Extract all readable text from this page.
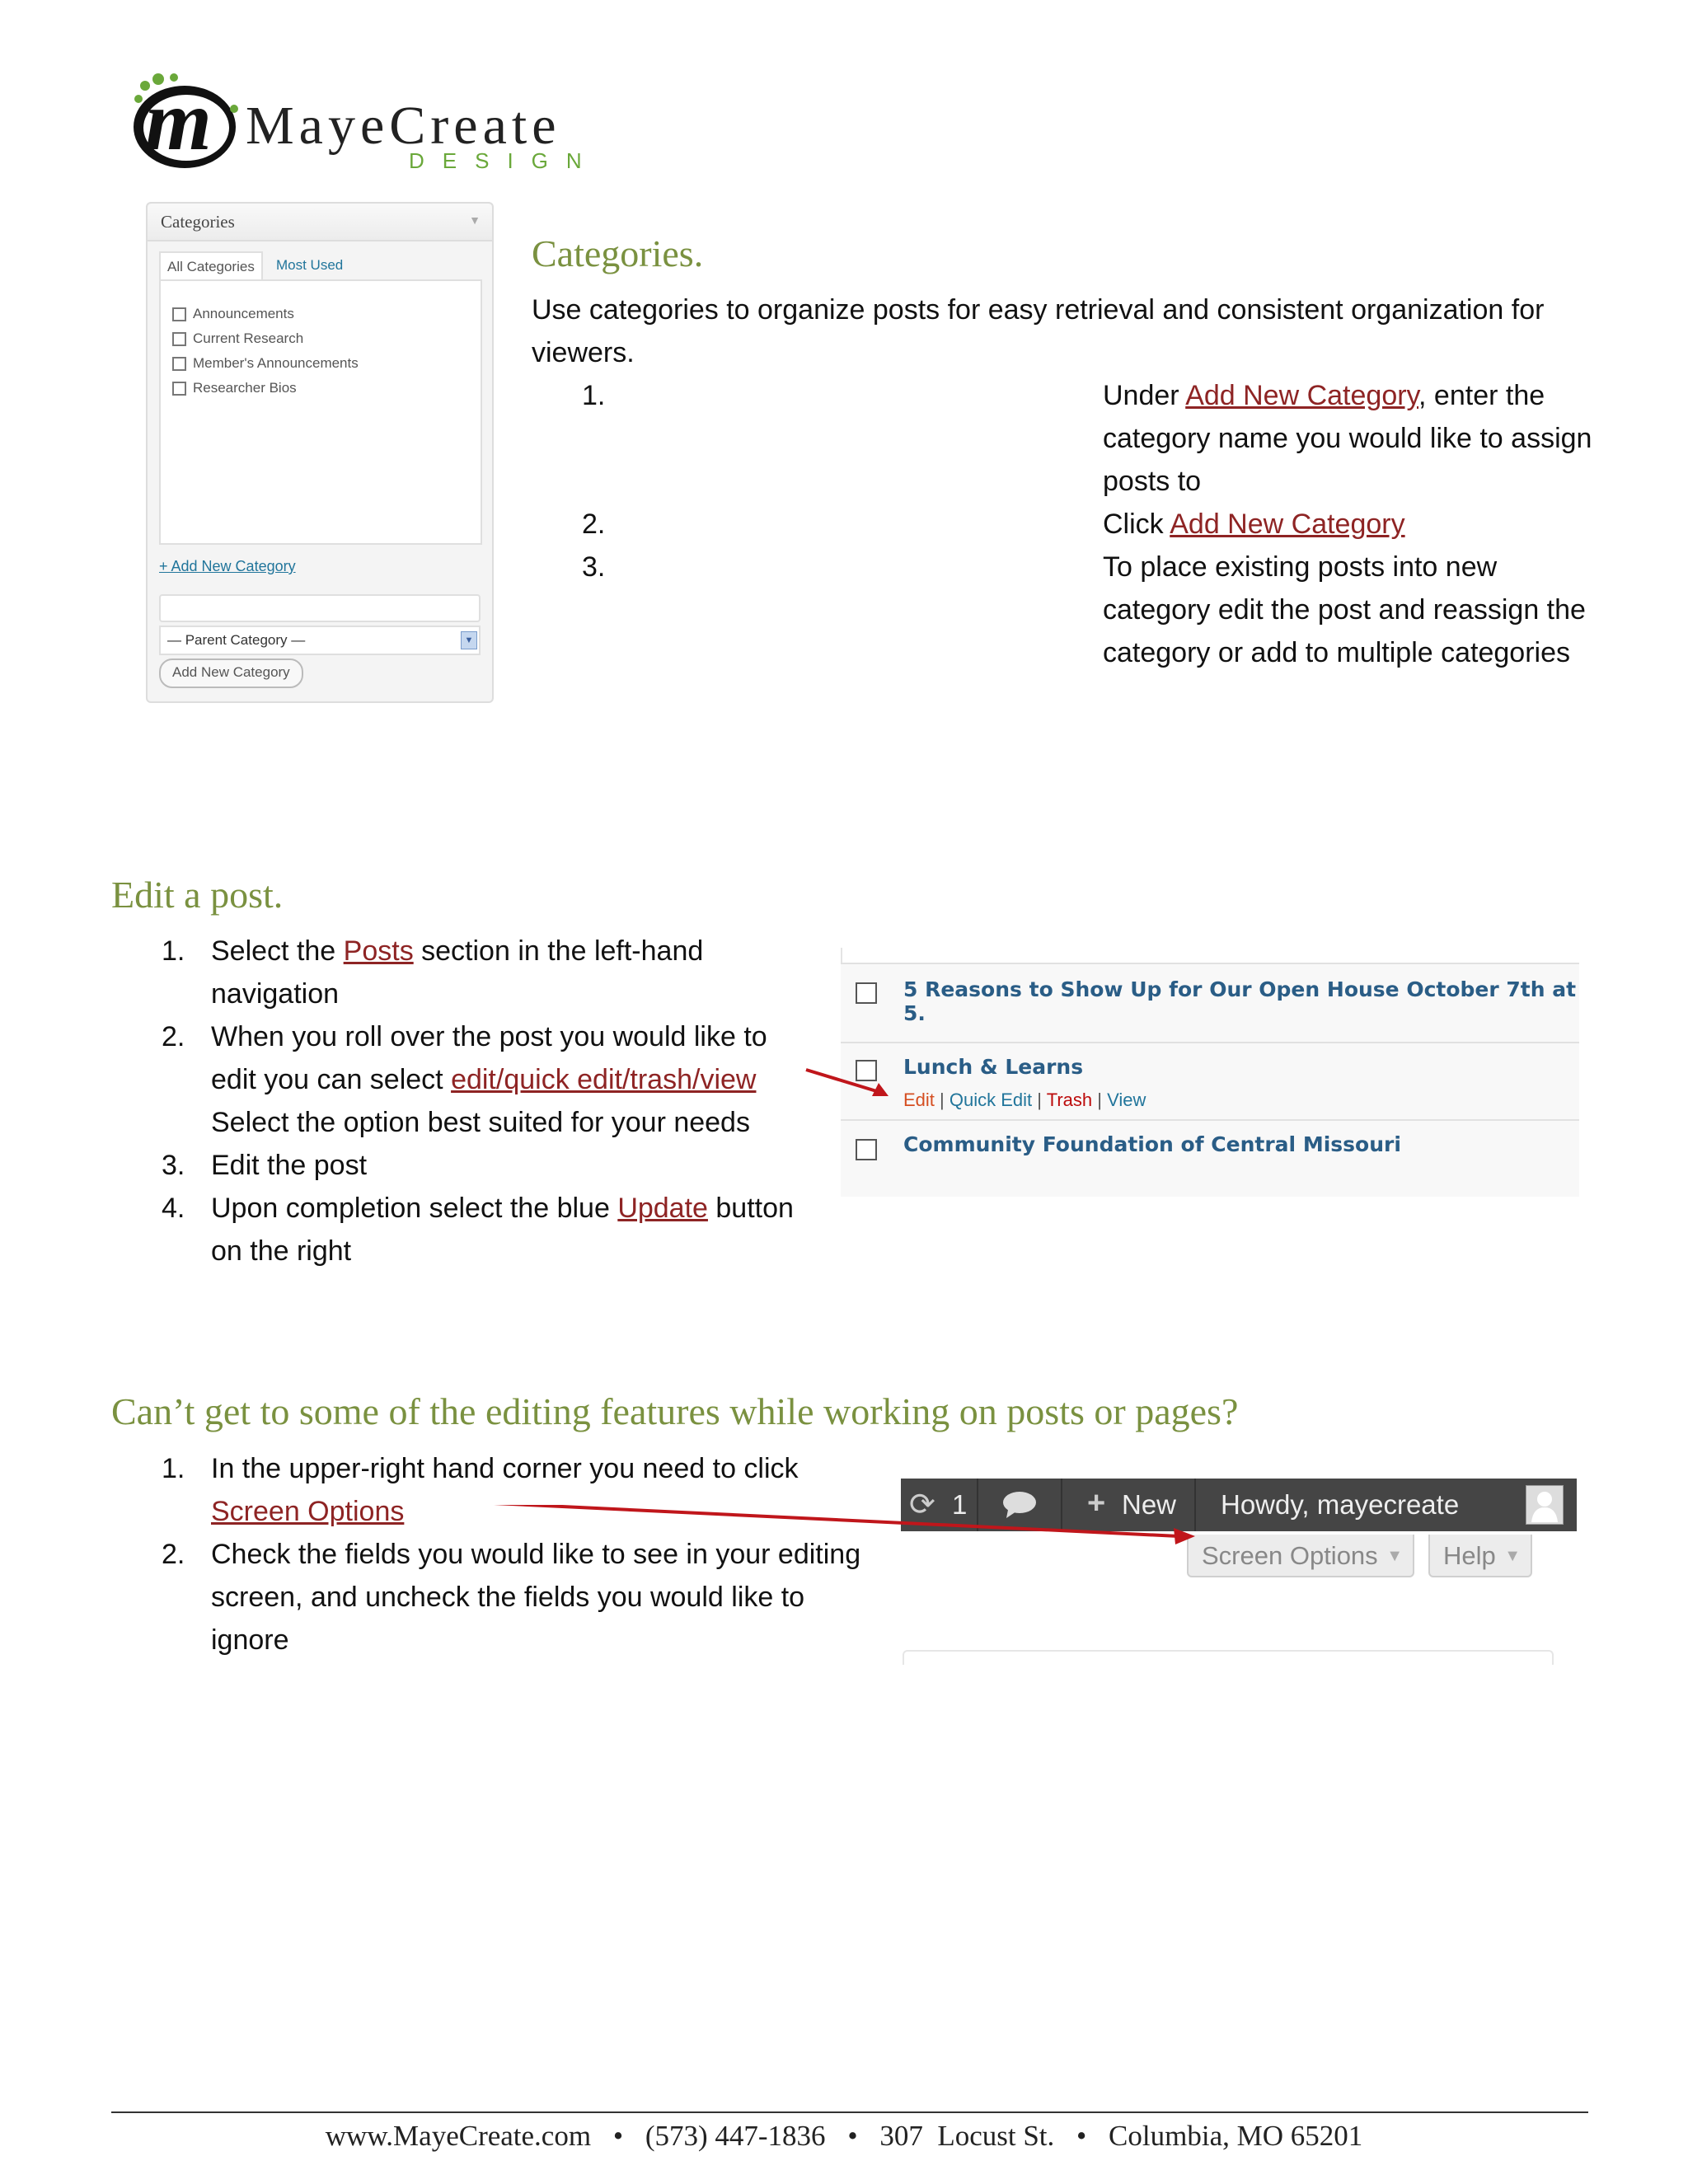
m MayeCreate
DESIGN
Categories	▼
All Categories	Most Used
Announcements
Current Research
Member's Announcements
Researcher Bios
+ Add New Category
— Parent Category —	▼
Add New Category
Categories.
Use categories to organize posts for easy retrieval and consistent organization for viewers.
1.	Under Add New Category, enter the category name you would like to assign posts to
2.	Click Add New Category
3.	To place existing posts into new category edit the post and reassign the category or add to multiple categories
Edit a post.
1. Select the Posts section in the left-hand navigation
2. When you roll over the post you would like to edit you can select edit/quick edit/trash/view Select the option best suited for your needs
3. Edit the post
4. Upon completion select the blue Update button on the right
5 Reasons to Show Up for Our Open House October 7th at 5.
Lunch & Learns
Edit | Quick Edit | Trash | View
Community Foundation of Central Missouri
Can’t get to some of the editing features while working on posts or pages?
1. In the upper-right hand corner you need to click Screen Options
2. Check the fields you would like to see in your editing screen, and uncheck the fields you would like to ignore
⟳ 1	+ New Howdy, mayecreate
Screen Options ▼	Help ▼
www.MayeCreate.com • (573) 447-1836 • 307  Locust St. • Columbia, MO 65201
